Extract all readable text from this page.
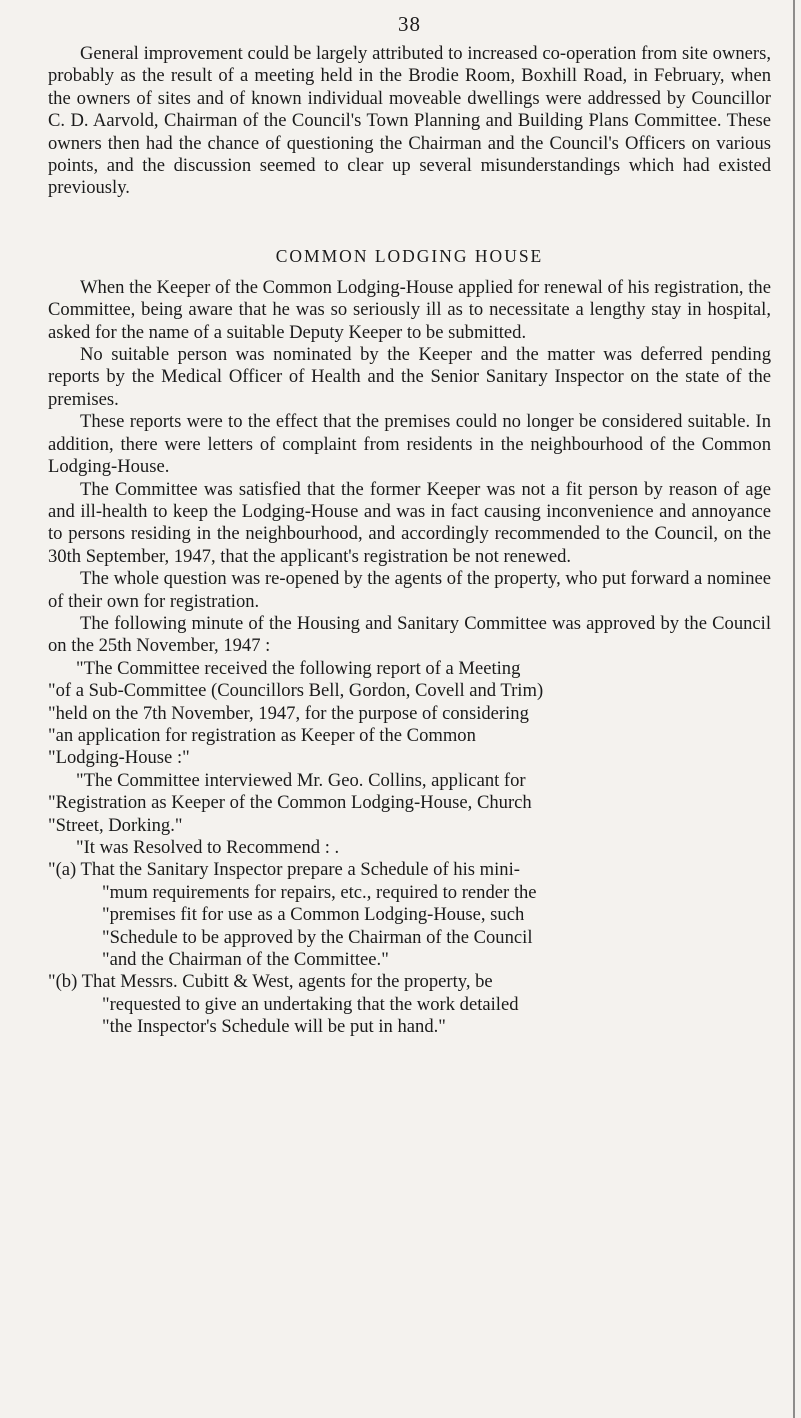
38

General improvement could be largely attributed to increased co-operation from site owners, probably as the result of a meeting held in the Brodie Room, Boxhill Road, in February, when the owners of sites and of known individual moveable dwellings were addressed by Councillor C. D. Aarvold, Chairman of the Council's Town Planning and Building Plans Committee. These owners then had the chance of questioning the Chairman and the Council's Officers on various points, and the discussion seemed to clear up several misunderstandings which had existed previously.

COMMON LODGING HOUSE

When the Keeper of the Common Lodging-House applied for renewal of his registration, the Committee, being aware that he was so seriously ill as to necessitate a lengthy stay in hospital, asked for the name of a suitable Deputy Keeper to be submitted.

No suitable person was nominated by the Keeper and the matter was deferred pending reports by the Medical Officer of Health and the Senior Sanitary Inspector on the state of the premises.

These reports were to the effect that the premises could no longer be considered suitable. In addition, there were letters of complaint from residents in the neighbourhood of the Common Lodging-House.

The Committee was satisfied that the former Keeper was not a fit person by reason of age and ill-health to keep the Lodging-House and was in fact causing inconvenience and annoyance to persons residing in the neighbourhood, and accordingly recommended to the Council, on the 30th September, 1947, that the applicant's registration be not renewed.

The whole question was re-opened by the agents of the property, who put forward a nominee of their own for registration.

The following minute of the Housing and Sanitary Committee was approved by the Council on the 25th November, 1947 :

"The Committee received the following report of a Meeting

"of a Sub-Committee (Councillors Bell, Gordon, Covell and Trim)

"held on the 7th November, 1947, for the purpose of considering

"an application for registration as Keeper of the Common

"Lodging-House :"

"The Committee interviewed Mr. Geo. Collins, applicant for

"Registration as Keeper of the Common Lodging-House, Church

"Street, Dorking."

"It was Resolved to Recommend : .

"(a) That the Sanitary Inspector prepare a Schedule of his mini-

"mum requirements for repairs, etc., required to render the

"premises fit for use as a Common Lodging-House, such

"Schedule to be approved by the Chairman of the Council

"and the Chairman of the Committee."

"(b) That Messrs. Cubitt & West, agents for the property, be

"requested to give an undertaking that the work detailed

"the Inspector's Schedule will be put in hand."
